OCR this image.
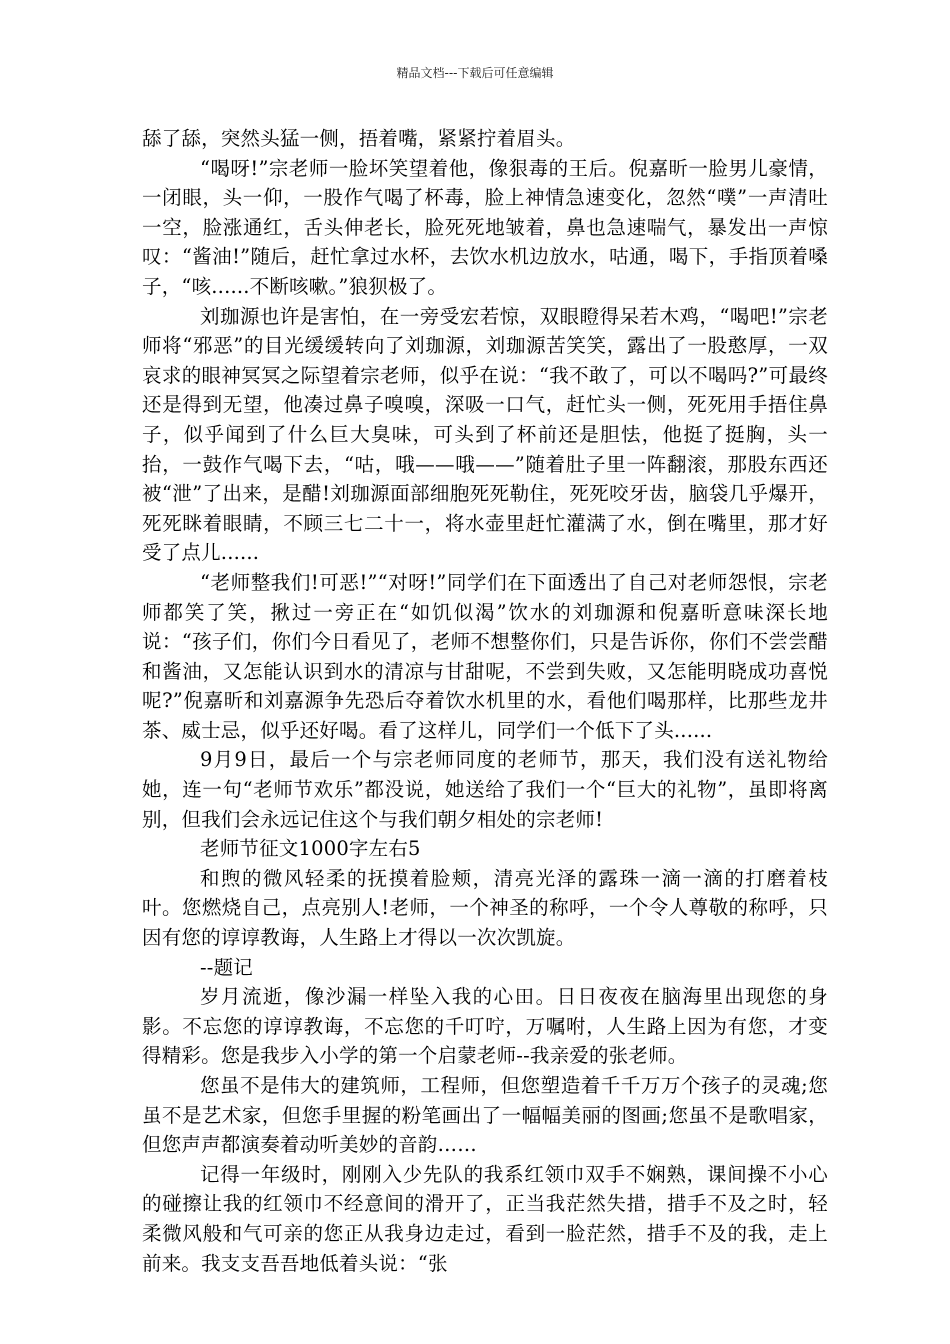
精品文档---下载后可任意编辑

舔了舔，突然头猛一侧，捂着嘴，紧紧拧着眉头。

“喝呀!”宗老师一脸坏笑望着他，像狠毒的王后。倪嘉昕一脸男儿豪情，一闭眼，头一仰，一股作气喝了杯毒，脸上神情急速变化，忽然“噗”一声清吐一空，脸涨通红，舌头伸老长，脸死死地皱着，鼻也急速喘气，暴发出一声惊叹：“酱油!”随后，赶忙拿过水杯，去饮水机边放水，咕通，喝下，手指顶着嗓子，“咳......不断咳嗽。”狼狈极了。

刘珈源也许是害怕，在一旁受宏若惊，双眼瞪得呆若木鸡，“喝吧!”宗老师将“邪恶”的目光缓缓转向了刘珈源，刘珈源苦笑笑，露出了一股憨厚，一双哀求的眼神冥冥之际望着宗老师，似乎在说：“我不敢了，可以不喝吗?”可最终还是得到无望，他凑过鼻子嗅嗅，深吸一口气，赶忙头一侧，死死用手捂住鼻子，似乎闻到了什么巨大臭味，可头到了杯前还是胆怯，他挺了挺胸，头一抬，一鼓作气喝下去，“咕，哦——哦——”随着肚子里一阵翻滚，那股东西还被“泄”了出来，是醋!刘珈源面部细胞死死勒住，死死咬牙齿，脑袋几乎爆开，死死眯着眼睛，不顾三七二十一，将水壶里赶忙灌满了水，倒在嘴里，那才好受了点儿......

“老师整我们!可恶!”“对呀!”同学们在下面透出了自己对老师怨恨，宗老师都笑了笑，揪过一旁正在“如饥似渴”饮水的刘珈源和倪嘉昕意味深长地说：“孩子们，你们今日看见了，老师不想整你们，只是告诉你，你们不尝尝醋和酱油，又怎能认识到水的清凉与甘甜呢，不尝到失败，又怎能明晓成功喜悦呢?”倪嘉昕和刘嘉源争先恐后夺着饮水机里的水，看他们喝那样，比那些龙井茶、威士忌，似乎还好喝。看了这样儿，同学们一个低下了头......

9月9日，最后一个与宗老师同度的老师节，那天，我们没有送礼物给她，连一句“老师节欢乐”都没说，她送给了我们一个“巨大的礼物”，虽即将离别，但我们会永远记住这个与我们朝夕相处的宗老师!

老师节征文1000字左右5

和煦的微风轻柔的抚摸着脸颊，清亮光泽的露珠一滴一滴的打磨着枝叶。您燃烧自己，点亮别人!老师，一个神圣的称呼，一个令人尊敬的称呼，只因有您的谆谆教诲，人生路上才得以一次次凯旋。

--题记

岁月流逝，像沙漏一样坠入我的心田。日日夜夜在脑海里出现您的身影。不忘您的谆谆教诲，不忘您的千叮咛，万嘱咐，人生路上因为有您，才变得精彩。您是我步入小学的第一个启蒙老师--我亲爱的张老师。

您虽不是伟大的建筑师，工程师，但您塑造着千千万万个孩子的灵魂;您虽不是艺术家，但您手里握的粉笔画出了一幅幅美丽的图画;您虽不是歌唱家，但您声声都演奏着动听美妙的音韵……

记得一年级时，刚刚入少先队的我系红领巾双手不娴熟，课间操不小心的碰擦让我的红领巾不经意间的滑开了，正当我茫然失措，措手不及之时，轻柔微风般和气可亲的您正从我身边走过，看到一脸茫然，措手不及的我，走上前来。我支支吾吾地低着头说：“张
